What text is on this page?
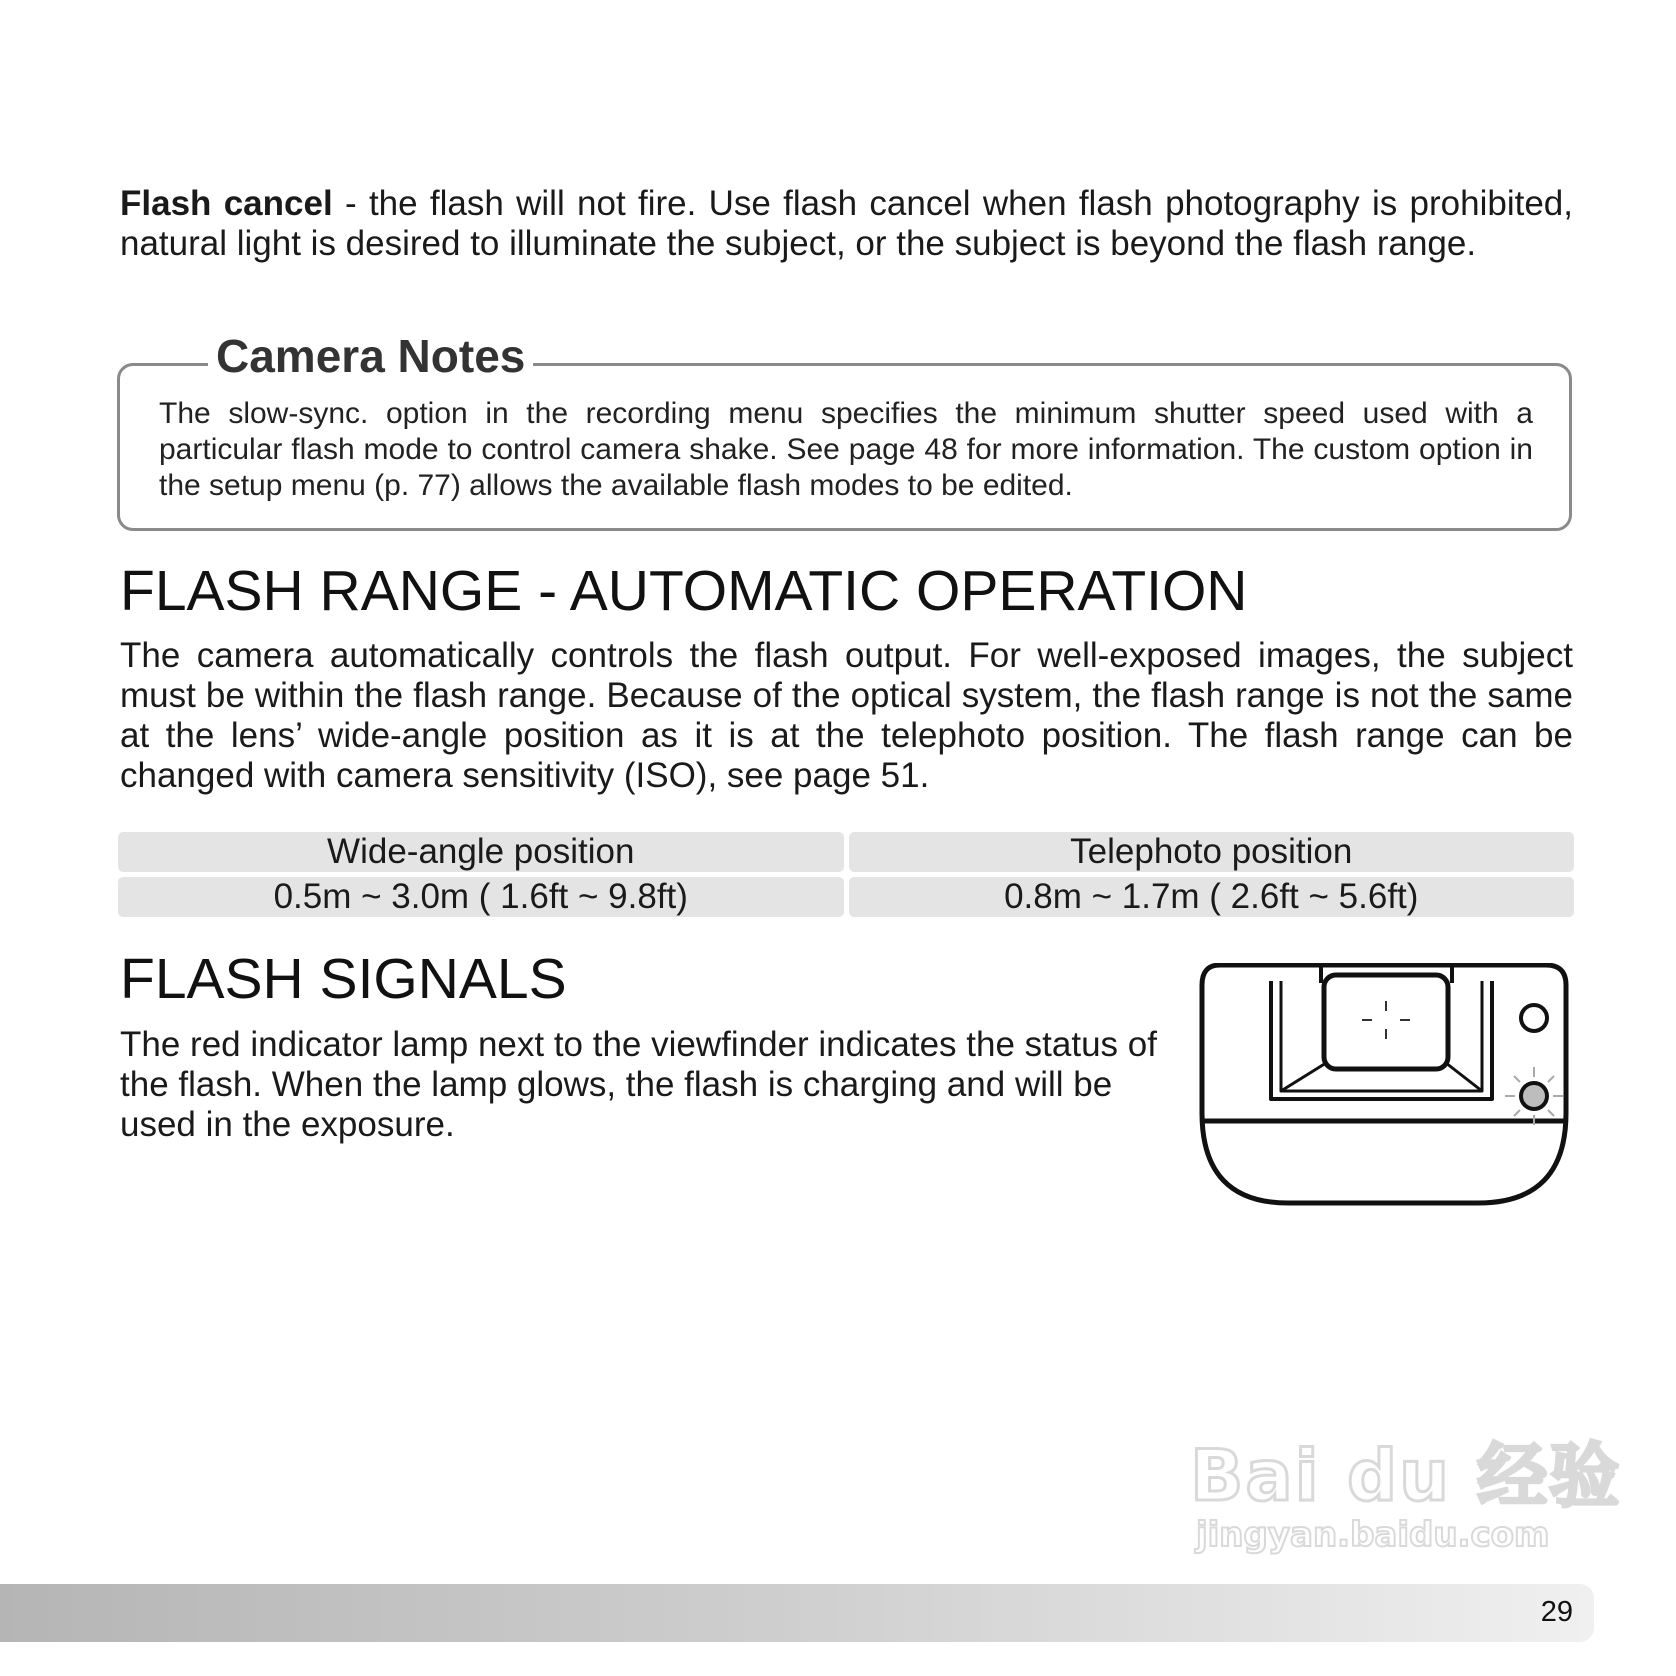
Flash cancel - the flash will not fire. Use flash cancel when flash photography is prohibited, natural light is desired to illuminate the subject, or the subject is beyond the flash range.

Camera Notes

The slow-sync. option in the recording menu specifies the minimum shutter speed used with a particular flash mode to control camera shake. See page 48 for more information. The custom option in the setup menu (p. 77) allows the available flash modes to be edited.

FLASH RANGE - AUTOMATIC OPERATION

The camera automatically controls the flash output. For well-exposed images, the subject must be within the flash range. Because of the optical system, the flash range is not the same at the lens’ wide-angle position as it is at the telephoto position. The flash range can be changed with camera sensitivity (ISO), see page 51.

Wide-angle position	Telephoto position
0.5m ~ 3.0m ( 1.6ft ~ 9.8ft)	0.8m ~ 1.7m ( 2.6ft ~ 5.6ft)
FLASH SIGNALS

The red indicator lamp next to the viewfinder indicates the status of the flash. When the lamp glows, the flash is charging and will be used in the exposure.

Bai du 经验
jingyan.baidu.com
29
